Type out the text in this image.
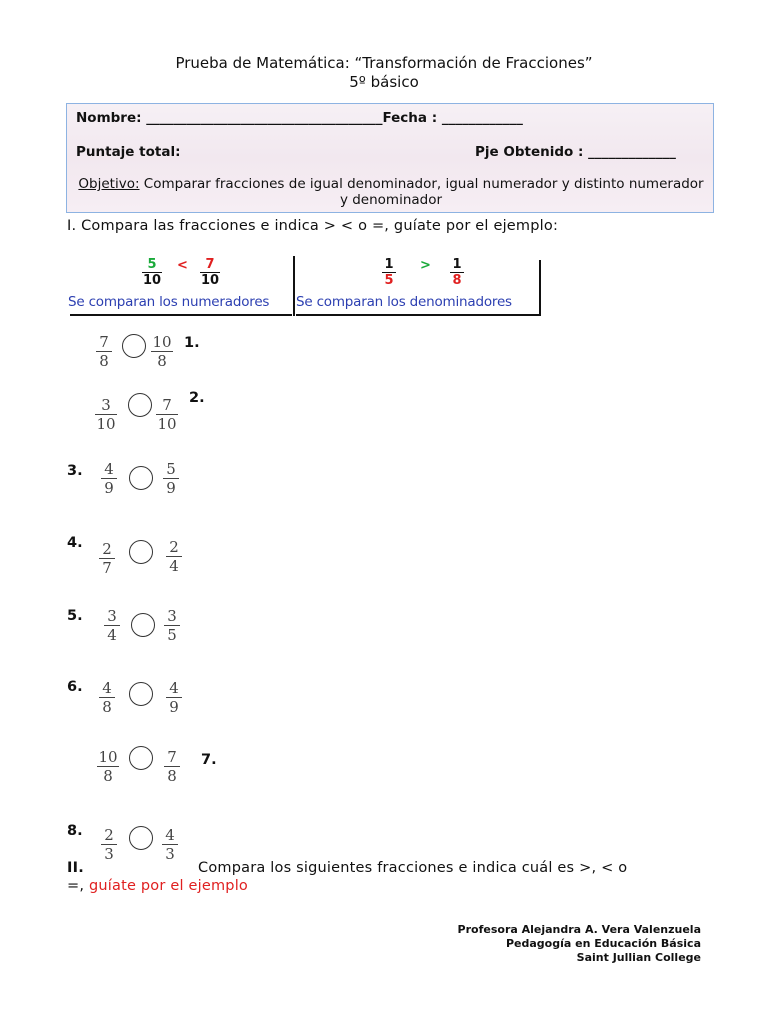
Prueba de Matemática: “Transformación de Fracciones”
5º básico
Nombre: ___________________________________Fecha : ____________
Puntaje total:	Pje Obtenido : _____________
Objetivo: Comparar fracciones de igual denominador, igual numerador y distinto numerador y denominador
I. Compara las fracciones e indica > < o =, guíate por el ejemplo:
5
10
<	7
10
Se comparan los numeradores
1
5
> 1
8
Se comparan los denominadores
7
8
10
8
1.
3
10
7
10
2.
3. 4
9
5
9
4. 2
7
2
4
5. 3
4
3
5
6. 4
8
4
9
10
8
7
8
7.
8. 2
3
4
3
II.	Compara los siguientes fracciones e indica cuál es >, < o
=, guíate por el ejemplo
Profesora Alejandra A. Vera Valenzuela
Pedagogía en Educación Básica
Saint Jullian College
